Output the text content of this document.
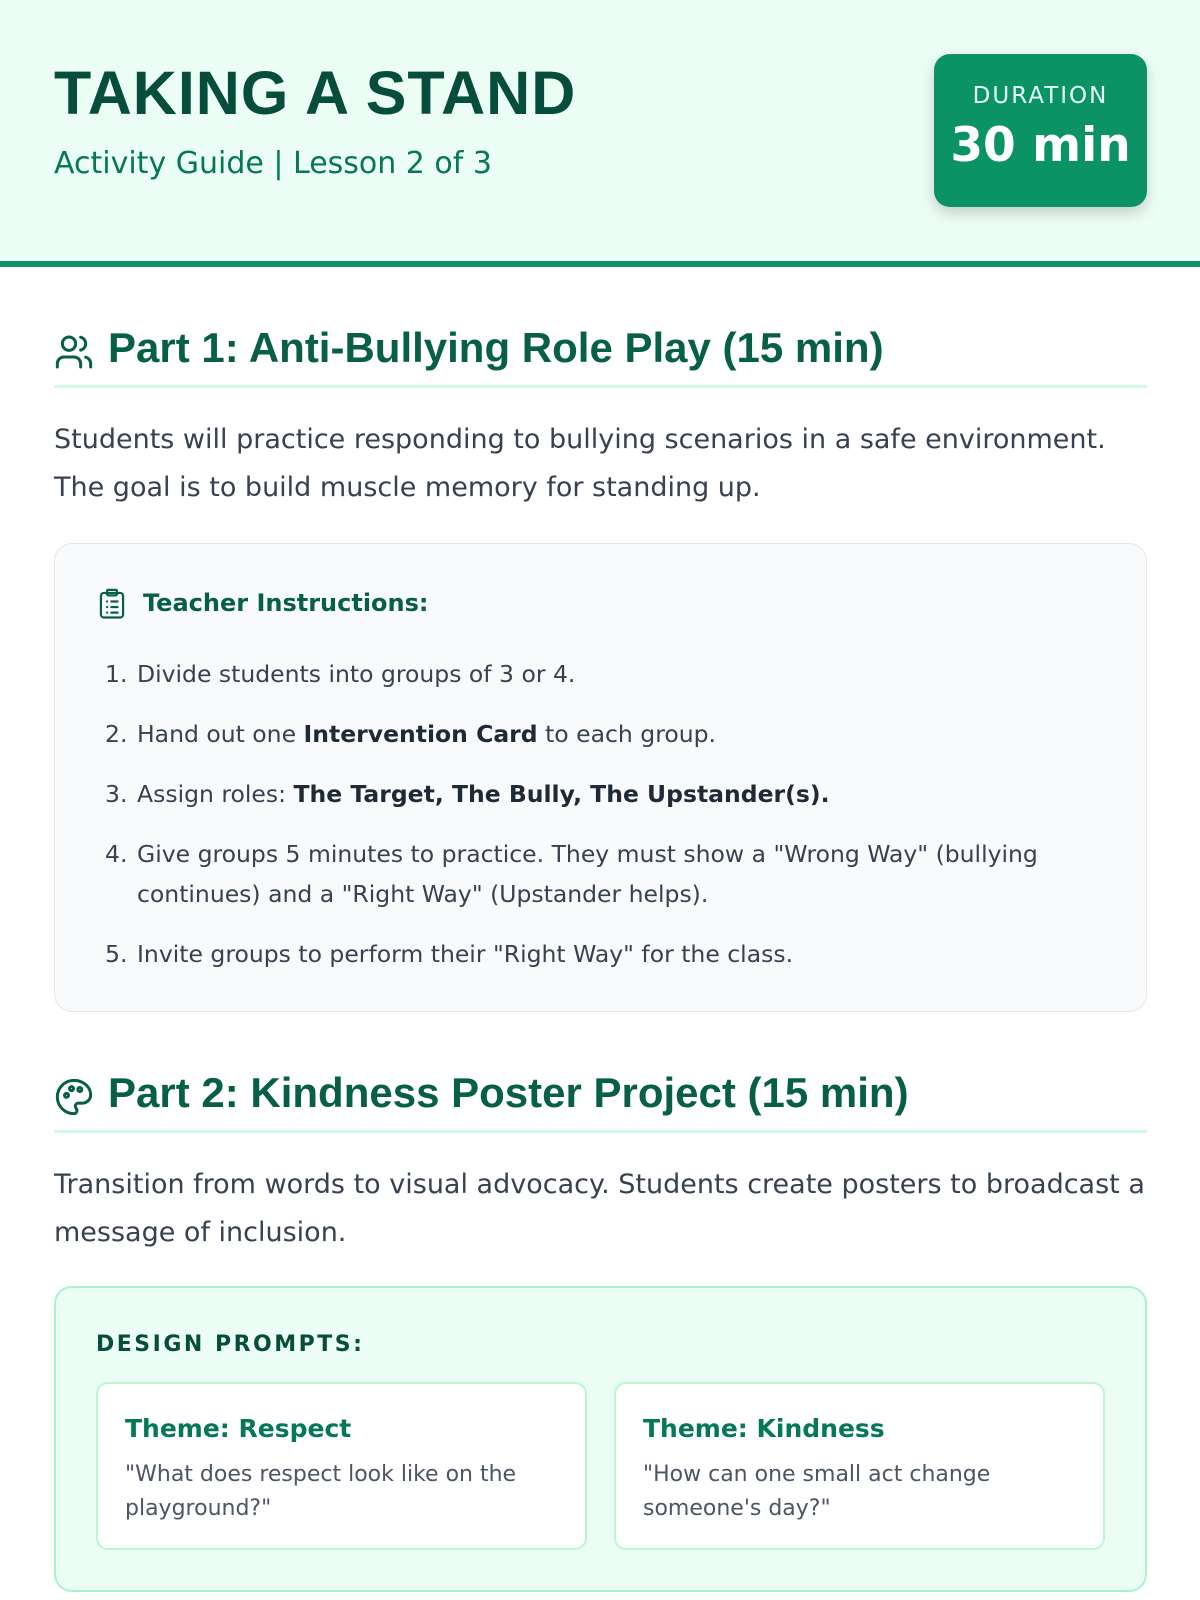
TAKING A STAND
Activity Guide | Lesson 2 of 3
DURATION
30 min
Part 1: Anti-Bullying Role Play (15 min)
Students will practice responding to bullying scenarios in a safe environment.
The goal is to build muscle memory for standing up.
Teacher Instructions:
1. Divide students into groups of 3 or 4.
2. Hand out one Intervention Card to each group.
3. Assign roles: The Target, The Bully, The Upstander(s).
4. Give groups 5 minutes to practice. They must show a "Wrong Way" (bullying continues) and a "Right Way" (Upstander helps).
5. Invite groups to perform their "Right Way" for the class.
Part 2: Kindness Poster Project (15 min)
Transition from words to visual advocacy. Students create posters to broadcast a
message of inclusion.
DESIGN PROMPTS:
Theme: Respect
"What does respect look like on the playground?"
Theme: Kindness
"How can one small act change someone's day?"
